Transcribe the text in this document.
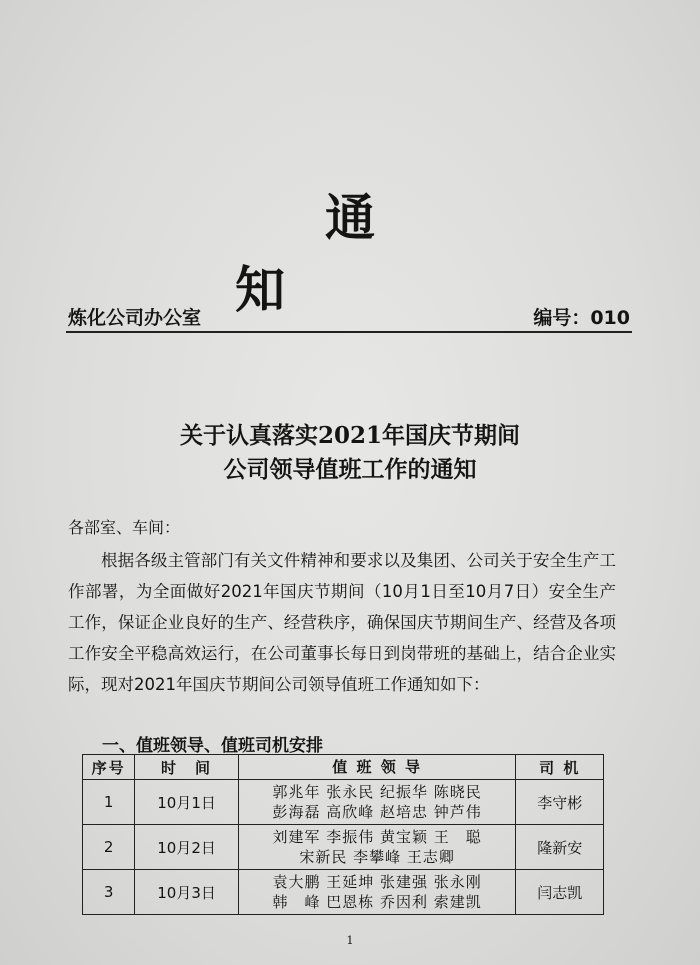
通 知
炼化公司办公室	编号：010
关于认真落实2021年国庆节期间
公司领导值班工作的通知
各部室、车间：
根据各级主管部门有关文件精神和要求以及集团、公司关于安全生产工作部署，为全面做好2021年国庆节期间（10月1日至10月7日）安全生产工作，保证企业良好的生产、经营秩序，确保国庆节期间生产、经营及各项工作安全平稳高效运行，在公司董事长每日到岗带班的基础上，结合企业实际，现对2021年国庆节期间公司领导值班工作通知如下：
一、值班领导、值班司机安排
序号	时　间	值 班 领 导	司 机
1	10月1日	郭兆年 张永民 纪振华 陈晓民
彭海磊 高欣峰 赵培忠 钟芦伟	李守彬
2	10月2日	刘建军 李振伟 黄宝颖 王　聪
宋新民 李攀峰 王志卿	隆新安
3	10月3日	袁大鹏 王延坤 张建强 张永刚
韩　峰 巴恩栋 乔因利 索建凯	闫志凯
1
